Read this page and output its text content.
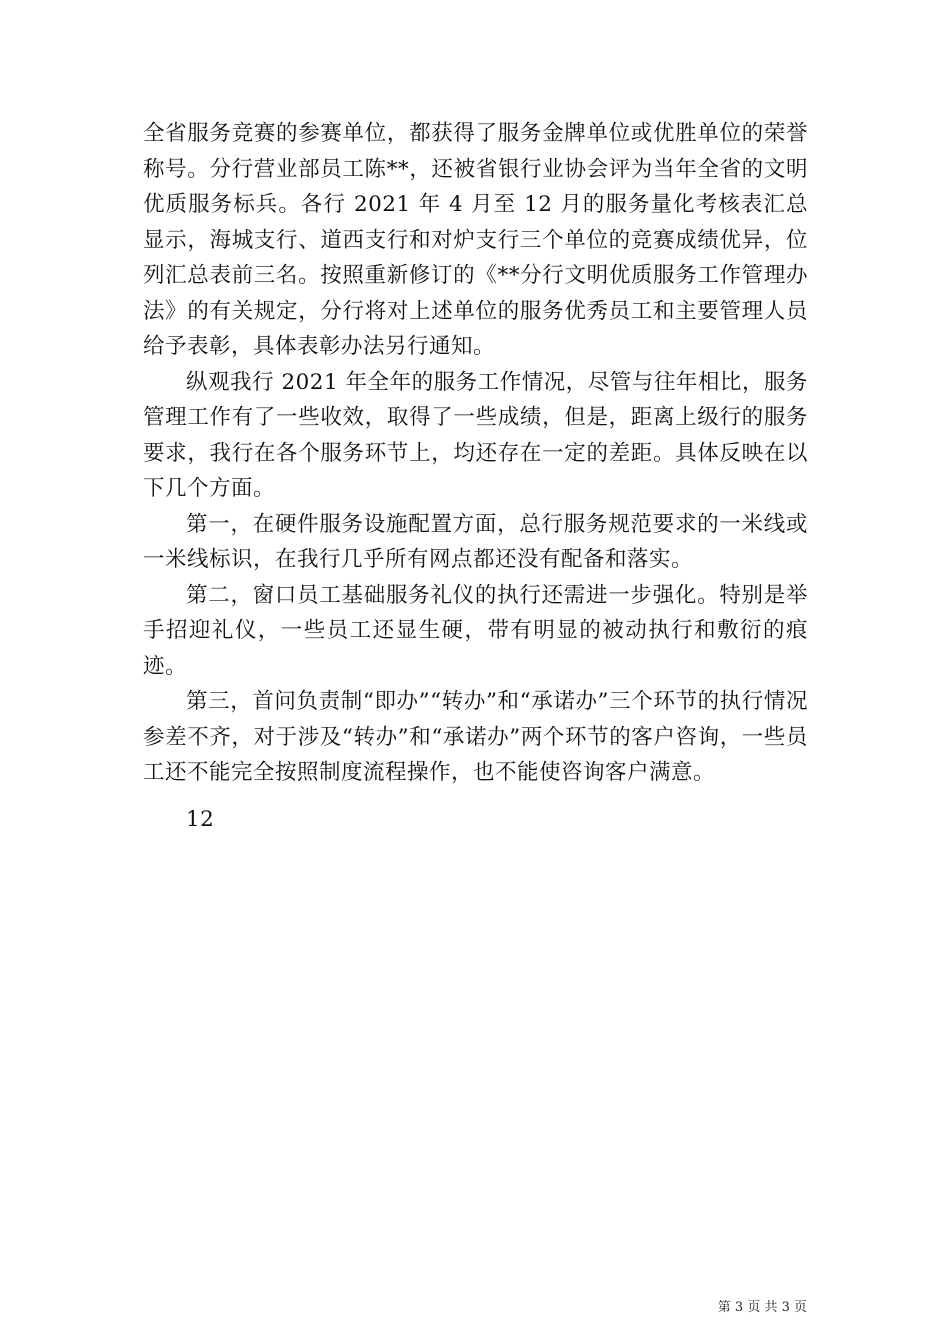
全省服务竞赛的参赛单位，都获得了服务金牌单位或优胜单位的荣誉称号。分行营业部员工陈**，还被省银行业协会评为当年全省的文明优质服务标兵。各行 2021 年 4 月至 12 月的服务量化考核表汇总显示，海城支行、道西支行和对炉支行三个单位的竞赛成绩优异，位列汇总表前三名。按照重新修订的《**分行文明优质服务工作管理办法》的有关规定，分行将对上述单位的服务优秀员工和主要管理人员给予表彰，具体表彰办法另行通知。

纵观我行 2021 年全年的服务工作情况，尽管与往年相比，服务管理工作有了一些收效，取得了一些成绩，但是，距离上级行的服务要求，我行在各个服务环节上，均还存在一定的差距。具体反映在以下几个方面。

第一，在硬件服务设施配置方面，总行服务规范要求的一米线或一米线标识，在我行几乎所有网点都还没有配备和落实。

第二，窗口员工基础服务礼仪的执行还需进一步强化。特别是举手招迎礼仪，一些员工还显生硬，带有明显的被动执行和敷衍的痕迹。

第三，首问负责制“即办”“转办”和“承诺办”三个环节的执行情况参差不齐，对于涉及“转办”和“承诺办”两个环节的客户咨询，一些员工还不能完全按照制度流程操作，也不能使咨询客户满意。

12

第 3 页 共 3 页
